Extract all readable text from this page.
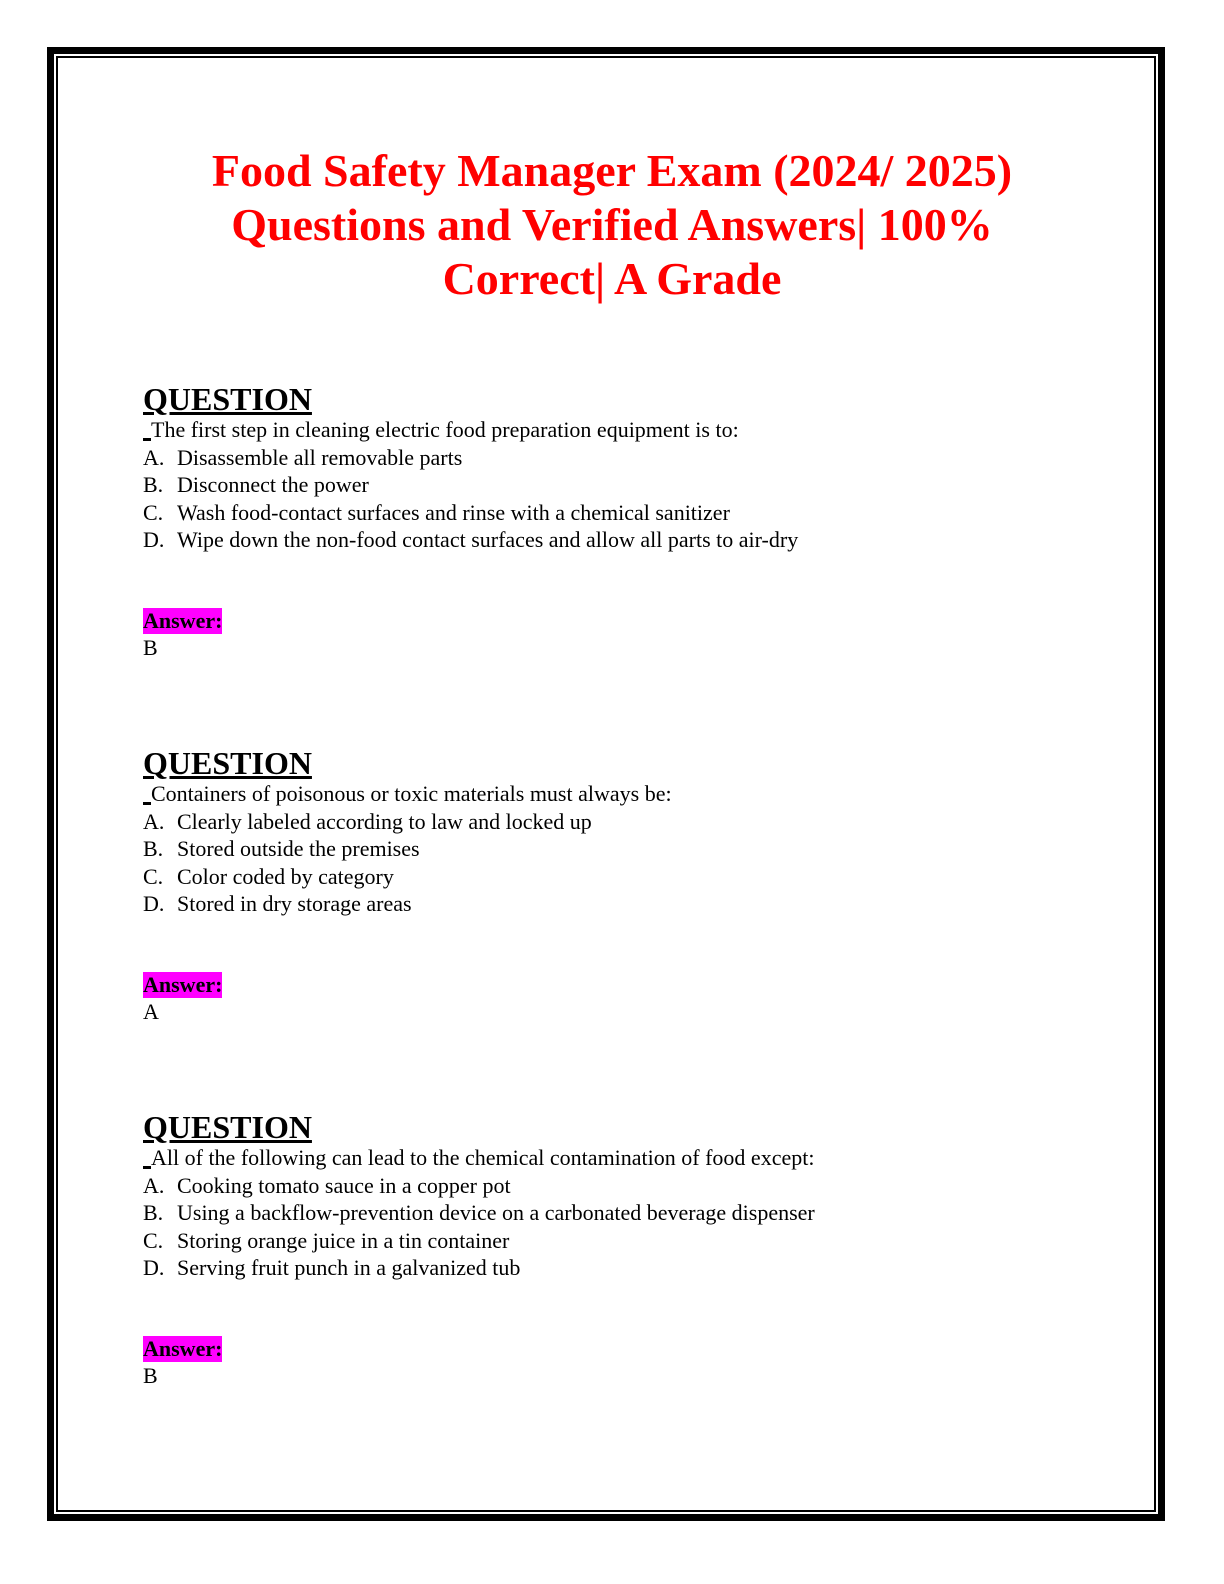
Food Safety Manager Exam (2024/ 2025)
Questions and Verified Answers| 100%
Correct| A Grade
QUESTION
The first step in cleaning electric food preparation equipment is to:
A. Disassemble all removable parts
B. Disconnect the power
C. Wash food-contact surfaces and rinse with a chemical sanitizer
D. Wipe down the non-food contact surfaces and allow all parts to air-dry
Answer:
B
QUESTION
Containers of poisonous or toxic materials must always be:
A. Clearly labeled according to law and locked up
B. Stored outside the premises
C. Color coded by category
D. Stored in dry storage areas
Answer:
A
QUESTION
All of the following can lead to the chemical contamination of food except:
A. Cooking tomato sauce in a copper pot
B. Using a backflow-prevention device on a carbonated beverage dispenser
C. Storing orange juice in a tin container
D. Serving fruit punch in a galvanized tub
Answer:
B
